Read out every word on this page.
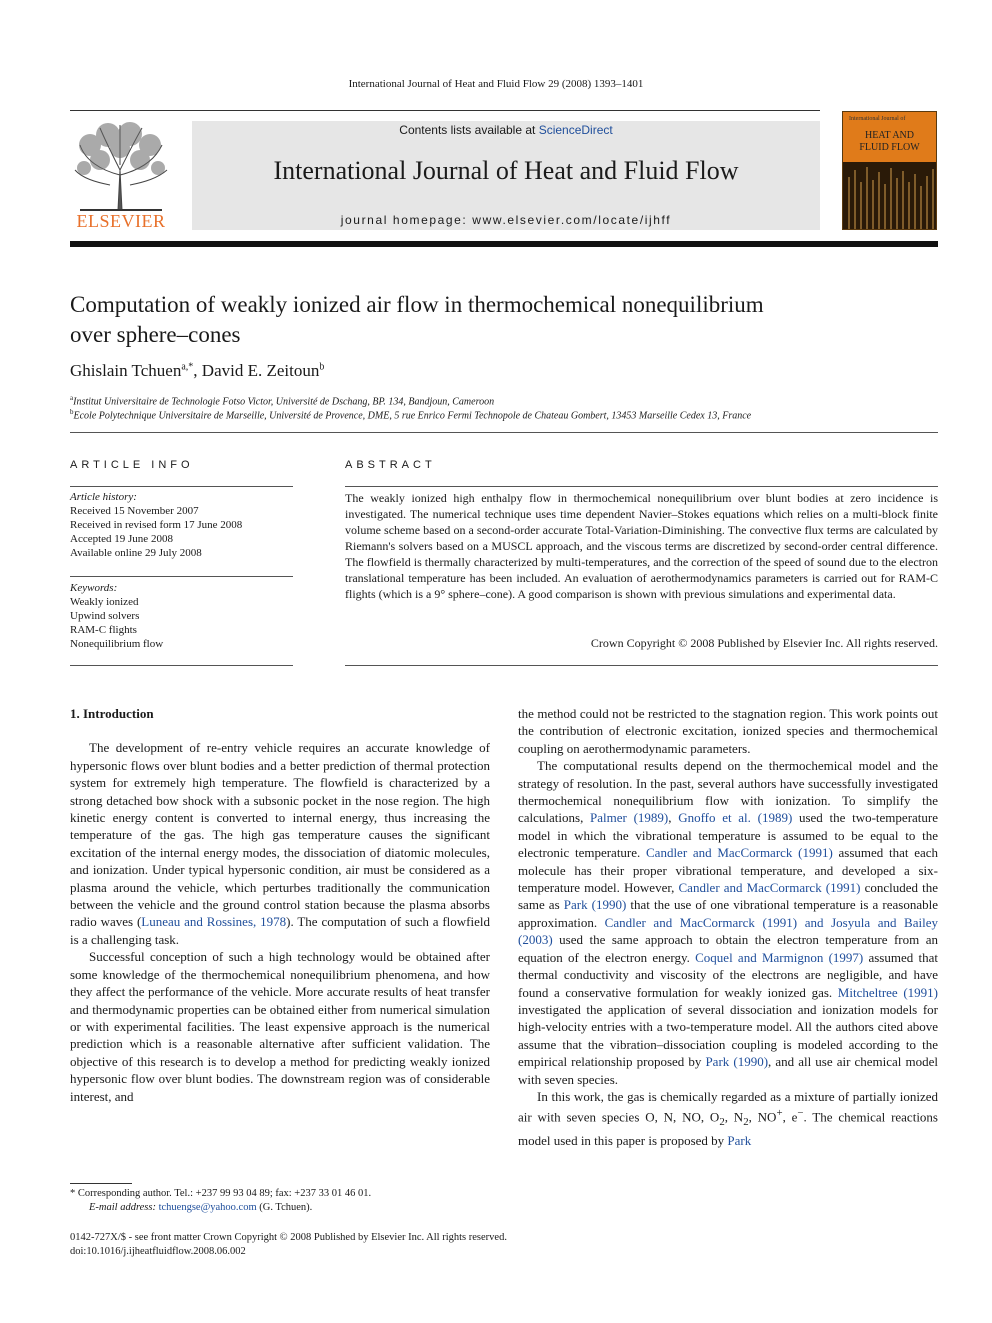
International Journal of Heat and Fluid Flow 29 (2008) 1393–1401
ELSEVIER
Contents lists available at ScienceDirect
International Journal of Heat and Fluid Flow
journal homepage: www.elsevier.com/locate/ijhff
International Journal of
HEAT AND
FLUID FLOW
Computation of weakly ionized air flow in thermochemical nonequilibrium
over sphere–cones
Ghislain Tchuen$^{a,*}$, David E. Zeitoun$^b$
$^a$Institut Universitaire de Technologie Fotso Victor, Université de Dschang, BP. 134, Bandjoun, Cameroon
$^b$Ecole Polytechnique Universitaire de Marseille, Université de Provence, DME, 5 rue Enrico Fermi Technopole de Chateau Gombert, 13453 Marseille Cedex 13, France
ARTICLE INFO
Article history:
Received 15 November 2007
Received in revised form 17 June 2008
Accepted 19 June 2008
Available online 29 July 2008
Keywords:
Weakly ionized
Upwind solvers
RAM-C flights
Nonequilibrium flow
ABSTRACT
The weakly ionized high enthalpy flow in thermochemical nonequilibrium over blunt bodies at zero incidence is investigated. The numerical technique uses time dependent Navier–Stokes equations which relies on a multi-block finite volume scheme based on a second-order accurate Total-Variation-Diminishing. The convective flux terms are calculated by Riemann's solvers based on a MUSCL approach, and the viscous terms are discretized by second-order central difference. The flowfield is thermally characterized by multi-temperatures, and the correction of the speed of sound due to the electron translational temperature has been included. An evaluation of aerothermodynamics parameters is carried out for RAM-C flights (which is a 9° sphere–cone). A good comparison is shown with previous simulations and experimental data.
Crown Copyright © 2008 Published by Elsevier Inc. All rights reserved.
1. Introduction

The development of re-entry vehicle requires an accurate knowledge of hypersonic flows over blunt bodies and a better prediction of thermal protection system for extremely high temperature. The flowfield is characterized by a strong detached bow shock with a subsonic pocket in the nose region. The high kinetic energy content is converted to internal energy, thus increasing the temperature of the gas. The high gas temperature causes the significant excitation of the internal energy modes, the dissociation of diatomic molecules, and ionization. Under typical hypersonic condition, air must be considered as a plasma around the vehicle, which perturbes traditionally the communication between the vehicle and the ground control station because the plasma absorbs radio waves (Luneau and Rossines, 1978). The computation of such a flowfield is a challenging task.

Successful conception of such a high technology would be obtained after some knowledge of the thermochemical nonequilibrium phenomena, and how they affect the performance of the vehicle. More accurate results of heat transfer and thermodynamic properties can be obtained either from numerical simulation or with experimental facilities. The least expensive approach is the numerical prediction which is a reasonable alternative after sufficient validation. The objective of this research is to develop a method for predicting weakly ionized hypersonic flow over blunt bodies. The downstream region was of considerable interest, and

the method could not be restricted to the stagnation region. This work points out the contribution of electronic excitation, ionized species and thermochemical coupling on aerothermodynamic parameters.

The computational results depend on the thermochemical model and the strategy of resolution. In the past, several authors have successfully investigated thermochemical nonequilibrium flow with ionization. To simplify the calculations, Palmer (1989), Gnoffo et al. (1989) used the two-temperature model in which the vibrational temperature is assumed to be equal to the electronic temperature. Candler and MacCormarck (1991) assumed that each molecule has their proper vibrational temperature, and developed a six-temperature model. However, Candler and MacCormarck (1991) concluded the same as Park (1990) that the use of one vibrational temperature is a reasonable approximation. Candler and MacCormarck (1991) and Josyula and Bailey (2003) used the same approach to obtain the electron temperature from an equation of the electron energy. Coquel and Marmignon (1997) assumed that thermal conductivity and viscosity of the electrons are negligible, and have found a conservative formulation for weakly ionized gas. Mitcheltree (1991) investigated the application of several dissociation and ionization models for high-velocity entries with a two-temperature model. All the authors cited above assume that the vibration–dissociation coupling is modeled according to the empirical relationship proposed by Park (1990), and all use air chemical model with seven species.

In this work, the gas is chemically regarded as a mixture of partially ionized air with seven species O, N, NO, $O_2$, $N_2$, NO+, e−. The chemical reactions model used in this paper is proposed by Park

* Corresponding author. Tel.: +237 99 93 04 89; fax: +237 33 01 46 01.
E-mail address: tchuengse@yahoo.com (G. Tchuen).
0142-727X/$ - see front matter Crown Copyright © 2008 Published by Elsevier Inc. All rights reserved.
doi:10.1016/j.ijheatfluidflow.2008.06.002
